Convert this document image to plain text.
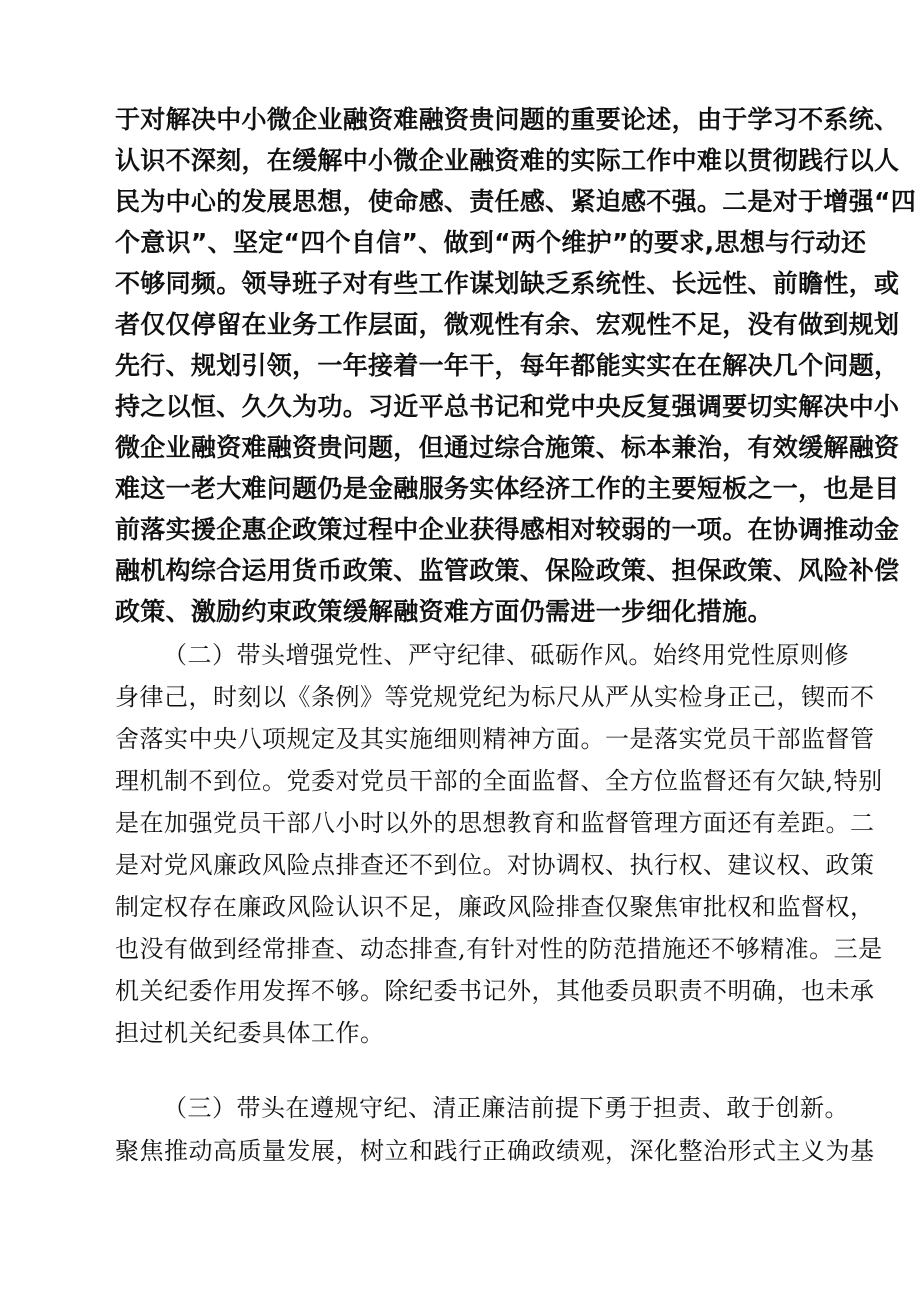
于对解决中小微企业融资难融资贵问题的重要论述，由于学习不系统、
认识不深刻，在缓解中小微企业融资难的实际工作中难以贯彻践行以人
民为中心的发展思想，使命感、责任感、紧迫感不强。二是对于增强“四
个意识”、坚定“四个自信”、做到“两个维护”的要求,思想与行动还
不够同频。领导班子对有些工作谋划缺乏系统性、长远性、前瞻性，或
者仅仅停留在业务工作层面，微观性有余、宏观性不足，没有做到规划
先行、规划引领，一年接着一年干，每年都能实实在在解决几个问题，
持之以恒、久久为功。习近平总书记和党中央反复强调要切实解决中小
微企业融资难融资贵问题，但通过综合施策、标本兼治，有效缓解融资
难这一老大难问题仍是金融服务实体经济工作的主要短板之一，也是目
前落实援企惠企政策过程中企业获得感相对较弱的一项。在协调推动金
融机构综合运用货币政策、监管政策、保险政策、担保政策、风险补偿
政策、激励约束政策缓解融资难方面仍需进一步细化措施。
（二）带头增强党性、严守纪律、砥砺作风。始终用党性原则修
身律己，时刻以《条例》等党规党纪为标尺从严从实检身正己，锲而不
舍落实中央八项规定及其实施细则精神方面。一是落实党员干部监督管
理机制不到位。党委对党员干部的全面监督、全方位监督还有欠缺,特别
是在加强党员干部八小时以外的思想教育和监督管理方面还有差距。二
是对党风廉政风险点排查还不到位。对协调权、执行权、建议权、政策
制定权存在廉政风险认识不足，廉政风险排查仅聚焦审批权和监督权，
也没有做到经常排查、动态排查,有针对性的防范措施还不够精准。三是
机关纪委作用发挥不够。除纪委书记外，其他委员职责不明确，也未承
担过机关纪委具体工作。
（三）带头在遵规守纪、清正廉洁前提下勇于担责、敢于创新。
聚焦推动高质量发展，树立和践行正确政绩观，深化整治形式主义为基
